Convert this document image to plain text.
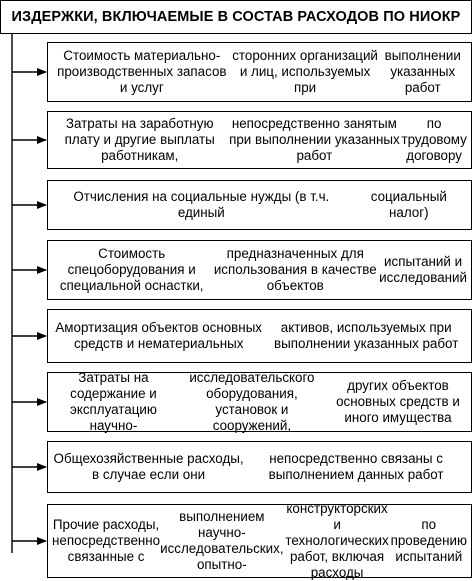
ИЗДЕРЖКИ, ВКЛЮЧАЕМЫЕ В СОСТАВ РАСХОДОВ ПО НИОКР
Стоимость материально-производственных запасов и услуг
сторонних организаций и лиц, используемых при
выполнении указанных работ
Затраты на заработную плату и другие выплаты работникам,
непосредственно занятым при выполнении указанных работ
по трудовому договору
Отчисления на социальные нужды (в т.ч. единый
социальный налог)
Стоимость спецоборудования и специальной оснастки,
предназначенных для использования в качестве объектов
испытаний и исследований
Амортизация объектов основных средств и нематериальных
активов, используемых при выполнении указанных работ
Затраты на содержание и эксплуатацию научно-
исследовательского оборудования, установок и сооружений,
других объектов основных средств и иного имущества
Общехозяйственные расходы, в случае если они
непосредственно связаны с выполнением данных работ
Прочие расходы, непосредственно связанные с
выполнением научно-исследовательских, опытно-
конструкторских и технологических работ, включая расходы
по проведению испытаний
